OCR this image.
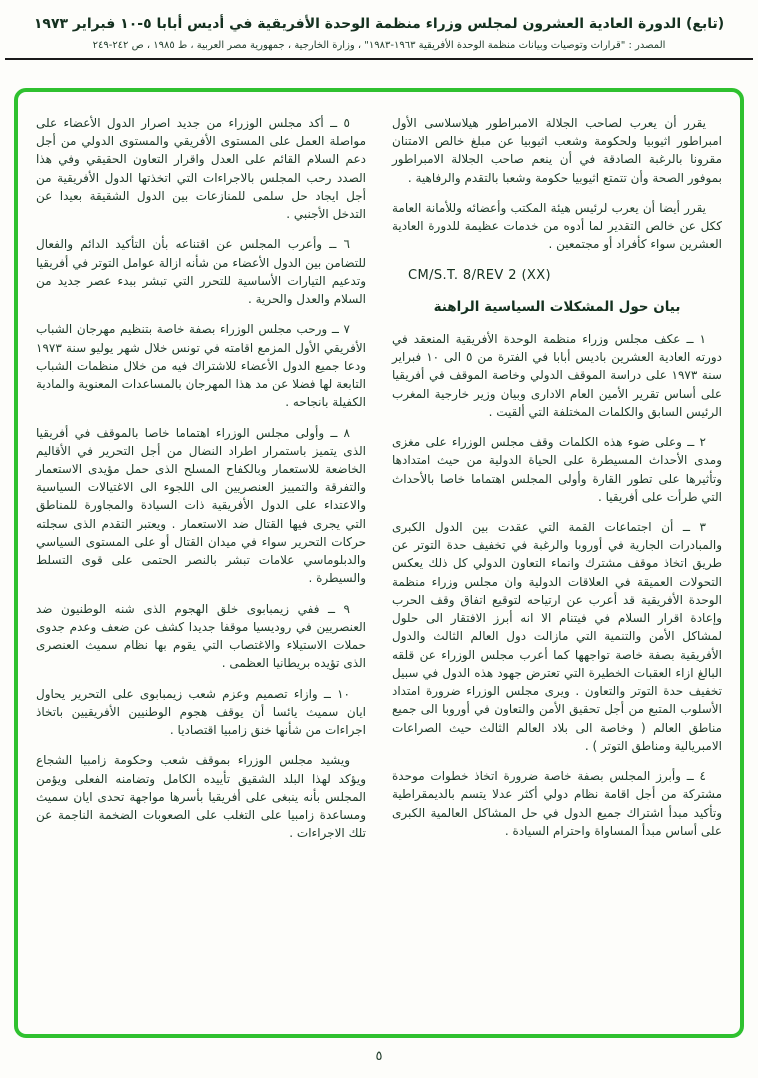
(تابع) الدورة العادية العشرون لمجلس وزراء منظمة الوحدة الأفريقية في أديس أبابا ٥-١٠ فبراير ١٩٧٣
المصدر : "قرارات وتوصيات وبيانات منظمة الوحدة الأفريقية ١٩٦٣-١٩٨٣" ، وزارة الخارجية ، جمهورية مصر العربية ، ط ١٩٨٥ ، ص ٢٤٢-٢٤٩

يقرر أن يعرب لصاحب الجلالة الامبراطور هيلاسلاسى الأول امبراطور اثيوبيا ولحكومة وشعب اثيوبيا عن مبلغ خالص الامتنان مقرونا بالرغبة الصادقة في أن ينعم صاحب الجلالة الامبراطور بموفور الصحة وأن تتمتع اثيوبيا حكومة وشعبا بالتقدم والرفاهية .

يقرر أيضا أن يعرب لرئيس هيئة المكتب وأعضائه وللأمانة العامة ككل عن خالص التقدير لما أدوه من خدمات عظيمة للدورة العادية العشرين سواء كأفراد أو مجتمعين .

CM/S.T. 8/REV 2 (XX)

بيان حول المشكلات السياسية الراهنة

١ ــ عكف مجلس وزراء منظمة الوحدة الأفريقية المنعقد في دورته العادية العشرين باديس أبابا في الفترة من ٥ الى ١٠ فبراير سنة ١٩٧٣ على دراسة الموقف الدولي وخاصة الموقف في أفريقيا على أساس تقرير الأمين العام الادارى وبيان وزير خارجية المغرب الرئيس السابق والكلمات المختلفة التي ألقيت .

٢ ــ وعلى ضوء هذه الكلمات وقف مجلس الوزراء على مغزى ومدى الأحداث المسيطرة على الحياة الدولية من حيث امتدادها وتأثيرها على تطور القارة وأولى المجلس اهتماما خاصا بالأحداث التي طرأت على أفريقيا .

٣ ــ أن اجتماعات القمة التي عقدت بين الدول الكبرى والمبادرات الجارية في أوروبا والرغبة في تخفيف حدة التوتر عن طريق اتخاذ موقف مشترك وانماء التعاون الدولي كل ذلك يعكس التحولات العميقة في العلاقات الدولية وان مجلس وزراء منظمة الوحدة الأفريقية قد أعرب عن ارتياحه لتوقيع اتفاق وقف الحرب وإعادة اقرار السلام في فيتنام الا انه أبرز الافتقار الى حلول لمشاكل الأمن والتنمية التي مازالت دول العالم الثالث والدول الأفريقية بصفة خاصة تواجهها كما أعرب مجلس الوزراء عن قلقه البالغ ازاء العقبات الخطيرة التي تعترض جهود هذه الدول في سبيل تخفيف حدة التوتر والتعاون . ويرى مجلس الوزراء ضرورة امتداد الأسلوب المتبع من أجل تحقيق الأمن والتعاون في أوروبا الى جميع مناطق العالم ( وخاصة الى بلاد العالم الثالث حيث الصراعات الامبريالية ومناطق التوتر ) .

٤ ــ وأبرز المجلس بصفة خاصة ضرورة اتخاذ خطوات موحدة مشتركة من أجل اقامة نظام دولي أكثر عدلا يتسم بالديمقراطية وتأكيد مبدأ اشتراك جميع الدول في حل المشاكل العالمية الكبرى على أساس مبدأ المساواة واحترام السيادة .

٥ ــ أكد مجلس الوزراء من جديد اصرار الدول الأعضاء على مواصلة العمل على المستوى الأفريقي والمستوى الدولي من أجل دعم السلام القائم على العدل واقرار التعاون الحقيقي وفي هذا الصدد رحب المجلس بالاجراءات التي اتخذتها الدول الأفريقية من أجل ايجاد حل سلمى للمنازعات بين الدول الشقيقة بعيدا عن التدخل الأجنبي .

٦ ــ وأعرب المجلس عن اقتناعه بأن التأكيد الدائم والفعال للتضامن بين الدول الأعضاء من شأنه ازالة عوامل التوتر في أفريقيا وتدعيم التيارات الأساسية للتحرر التي تبشر ببدء عصر جديد من السلام والعدل والحرية .

٧ ــ ورحب مجلس الوزراء بصفة خاصة بتنظيم مهرجان الشباب الأفريقي الأول المزمع اقامته في تونس خلال شهر يوليو سنة ١٩٧٣ ودعا جميع الدول الأعضاء للاشتراك فيه من خلال منظمات الشباب التابعة لها فضلا عن مد هذا المهرجان بالمساعدات المعنوية والمادية الكفيلة بانجاحه .

٨ ــ وأولى مجلس الوزراء اهتماما خاصا بالموقف في أفريقيا الذى يتميز باستمرار اطراد النضال من أجل التحرير في الأقاليم الخاضعة للاستعمار وبالكفاح المسلح الذى حمل مؤيدى الاستعمار والتفرقة والتمييز العنصريين الى اللجوء الى الاغتيالات السياسية والاعتداء على الدول الأفريقية ذات السيادة والمجاورة للمناطق التي يجرى فيها القتال ضد الاستعمار . ويعتبر التقدم الذى سجلته حركات التحرير سواء في ميدان القتال أو على المستوى السياسي والدبلوماسي علامات تبشر بالنصر الحتمى على قوى التسلط والسيطرة .

٩ ــ ففي زيمبابوى خلق الهجوم الذى شنه الوطنيون ضد العنصريين في روديسيا موقفا جديدا كشف عن ضعف وعدم جدوى حملات الاستيلاء والاغتصاب التي يقوم بها نظام سميث العنصرى الذى تؤيده بريطانيا العظمى .

١٠ ــ وازاء تصميم وعزم شعب زيمبابوى على التحرير يحاول ايان سميث يائسا أن يوقف هجوم الوطنيين الأفريقيين باتخاذ اجراءات من شأنها خنق زامبيا اقتصاديا .

ويشيد مجلس الوزراء بموقف شعب وحكومة زامبيا الشجاع ويؤكد لهذا البلد الشقيق تأييده الكامل وتضامنه الفعلى ويؤمن المجلس بأنه ينبغى على أفريقيا بأسرها مواجهة تحدى ايان سميث ومساعدة زامبيا على التغلب على الصعوبات الضخمة الناجمة عن تلك الاجراءات .

٥
